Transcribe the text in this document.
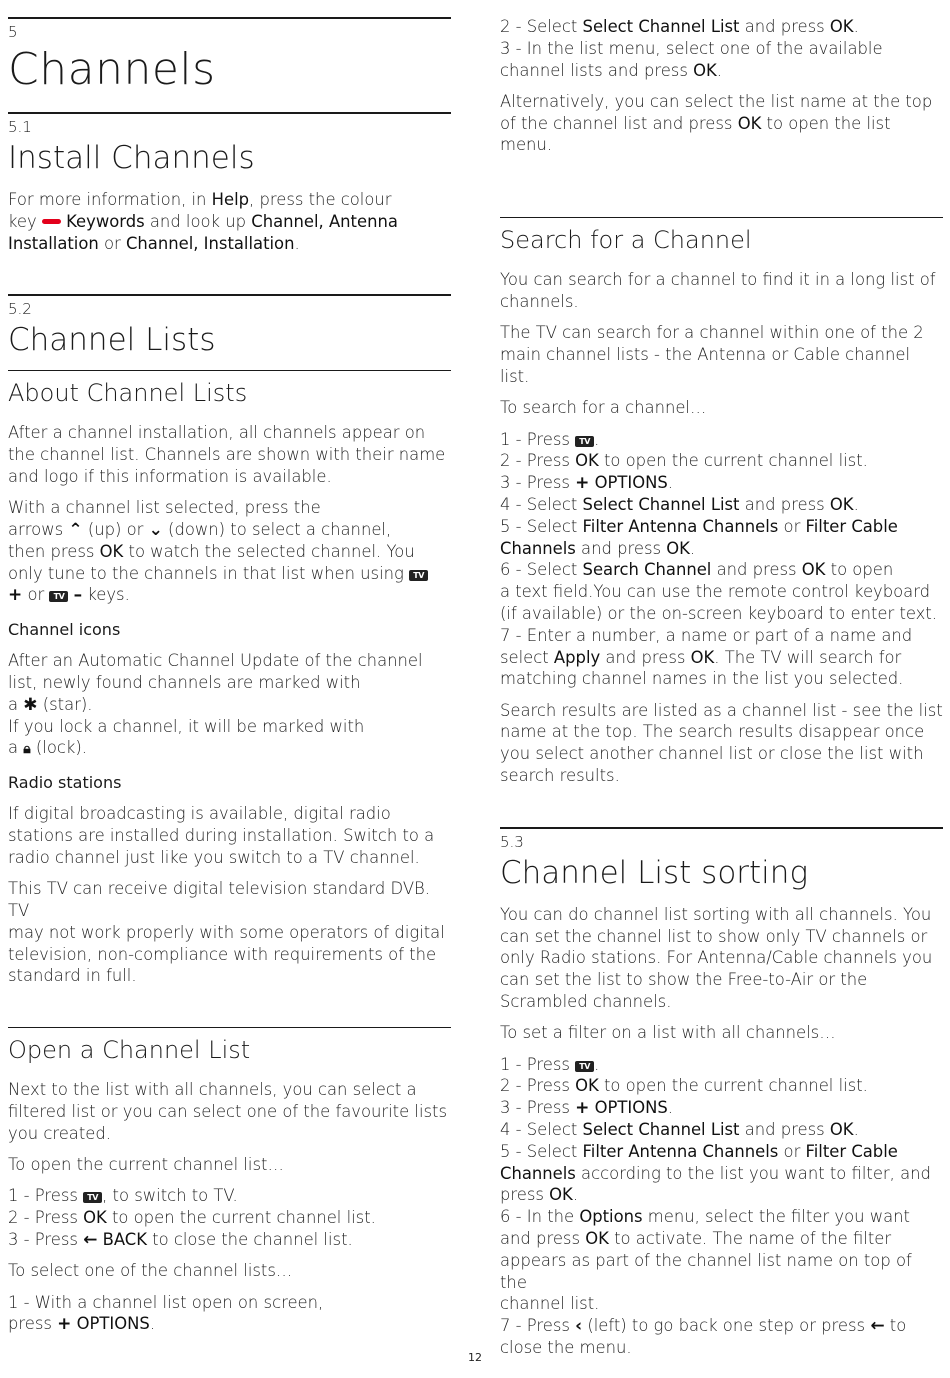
5

Channels

5.1

Install Channels

For more information, in Help, press the colour
key  Keywords and look up Channel, Antenna
Installation or Channel, Installation.

5.2

Channel Lists
About Channel Lists

After a channel installation, all channels appear on
the channel list. Channels are shown with their name
and logo if this information is available.

With a channel list selected, press the
arrows ⌃ (up) or ⌄ (down) to select a channel,
then press OK to watch the selected channel. You
only tune to the channels in that list when using TV
+ or TV – keys.

Channel icons

After an Automatic Channel Update of the channel
list, newly found channels are marked with
a ✱ (star).
If you lock a channel, it will be marked with
a 🔒︎ (lock).

Radio stations

If digital broadcasting is available, digital radio
stations are installed during installation. Switch to a
radio channel just like you switch to a TV channel.

This TV can receive digital television standard DVB. TV
may not work properly with some operators of digital
television, non-compliance with requirements of the
standard in full.

Open a Channel List

Next to the list with all channels, you can select a
filtered list or you can select one of the favourite lists
you created.

To open the current channel list…

1 - Press TV , to switch to TV.
2 - Press OK to open the current channel list.
3 - Press ← BACK to close the channel list.

To select one of the channel lists…

1 - With a channel list open on screen,
press + OPTIONS.

2 - Select Select Channel List and press OK.
3 - In the list menu, select one of the available
channel lists and press OK.

Alternatively, you can select the list name at the top
of the channel list and press OK to open the list
menu.

Search for a Channel

You can search for a channel to find it in a long list of
channels.

The TV can search for a channel within one of the 2
main channel lists - the Antenna or Cable channel list.

To search for a channel…

1 - Press TV .
2 - Press OK to open the current channel list.
3 - Press + OPTIONS.
4 - Select Select Channel List and press OK.
5 - Select Filter Antenna Channels or Filter Cable
Channels and press OK.
6 - Select Search Channel and press OK to open
a text field.You can use the remote control keyboard
(if available) or the on-screen keyboard to enter text.
7 - Enter a number, a name or part of a name and
select Apply and press OK. The TV will search for
matching channel names in the list you selected.

Search results are listed as a channel list - see the list
name at the top. The search results disappear once
you select another channel list or close the list with
search results.

5.3

Channel List sorting

You can do channel list sorting with all channels. You
can set the channel list to show only TV channels or
only Radio stations. For Antenna/Cable channels you
can set the list to show the Free-to-Air or the
Scrambled channels.

To set a filter on a list with all channels…

1 - Press TV .
2 - Press OK to open the current channel list.
3 - Press + OPTIONS.
4 - Select Select Channel List and press OK.
5 - Select Filter Antenna Channels or Filter Cable
Channels according to the list you want to filter, and
press OK.
6 - In the Options menu, select the filter you want
and press OK to activate. The name of the filter
appears as part of the channel list name on top of the
channel list.
7 - Press ‹ (left) to go back one step or press ← to
close the menu.

12
